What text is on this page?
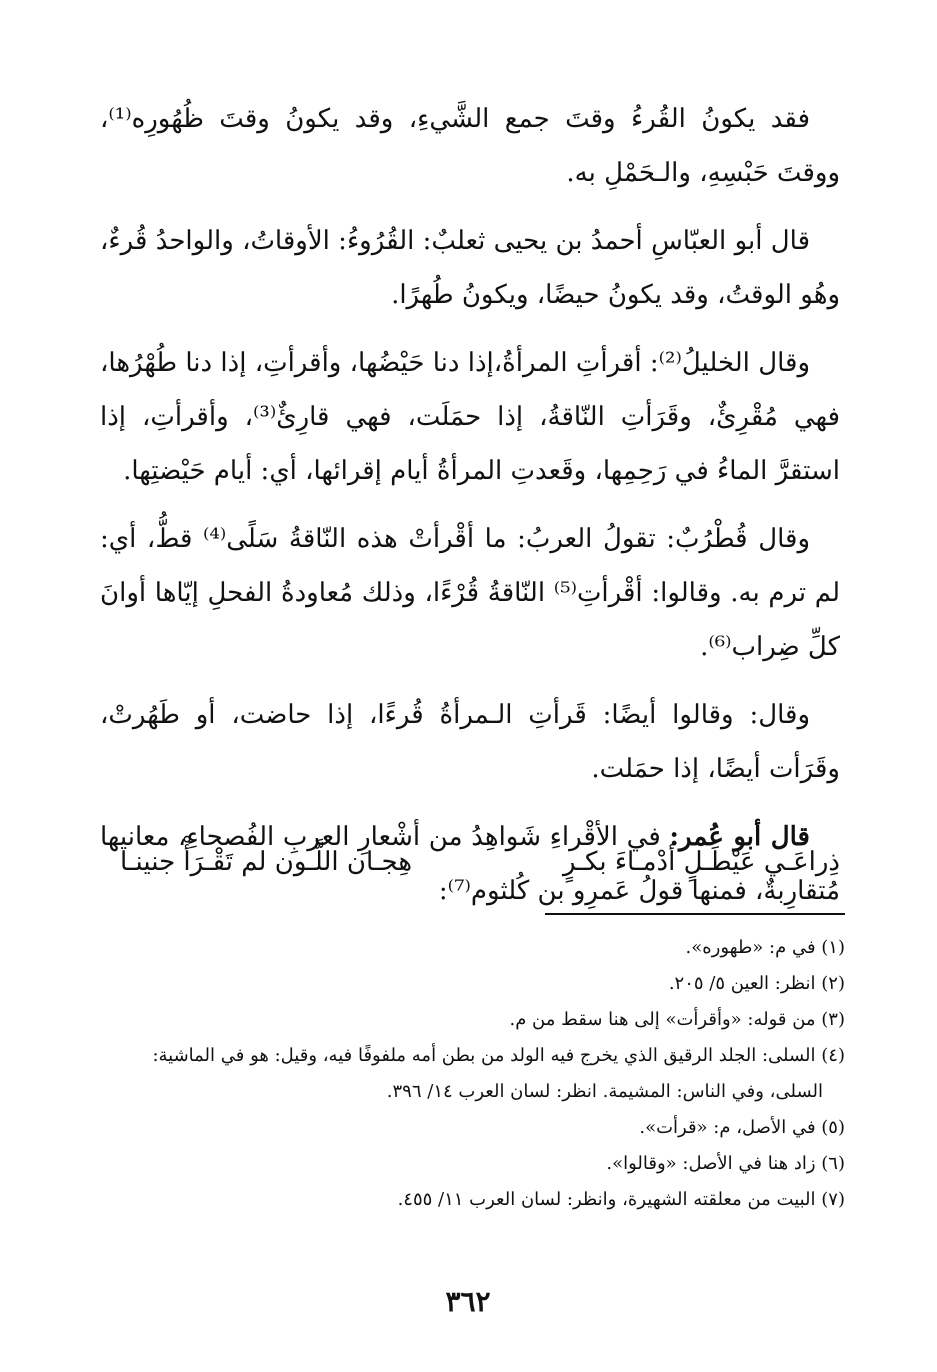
فقد يكونُ القُرءُ وقتَ جمع الشَّيءِ، وقد يكونُ وقتَ ظُهُورِه⁽¹⁾، ووقتَ حَبْسِهِ، والـحَمْلِ به.

قال أبو العبّاسِ أحمدُ بن يحيى ثعلبٌ: القُرُوءُ: الأوقاتُ، والواحدُ قُرءٌ، وهُو الوقتُ، وقد يكونُ حيضًا، ويكونُ طُهرًا.

وقال الخليلُ⁽²⁾: أقرأتِ المرأةُ،إذا دنا حَيْضُها، وأقرأتِ، إذا دنا طُهْرُها، فهي مُقْرِئٌ، وقَرَأتِ النّاقةُ، إذا حمَلَت، فهي قارِئٌ⁽³⁾، وأقرأتِ، إذا استقرَّ الماءُ في رَحِمِها، وقَعدتِ المرأةُ أيام إقرائها، أي: أيام حَيْضتِها.

وقال قُطْرُبٌ: تقولُ العربُ: ما أقْرأتْ هذه النّاقةُ سَلًى⁽⁴⁾ قطُّ، أي: لم ترم به. وقالوا: أقْرأتِ⁽⁵⁾ النّاقةُ قُرْءًا، وذلك مُعاودةُ الفحلِ إيّاها أوانَ كلِّ ضِراب⁽⁶⁾.

وقال: وقالوا أيضًا: قَرأتِ الـمرأةُ قُرءًا، إذا حاضت، أو طَهُرتْ، وقَرَأت أيضًا، إذا حمَلت.

قال أبو عُمر: في الأقْراءِ شَواهِدُ من أشْعارِ العربِ الفُصحاءِ، معانيها مُتقارِبةٌ، فمنها قولُ عَمرِو بن كُلثوم⁽⁷⁾:

ذِراعَـي عَيْطَـلٍ أدْمـاءَ بكـرٍ
هِجـان اللَّـون لم تَقْـرَأْ جنينـا

(١) في م: «طهوره».

(٢) انظر: العين ٥/ ٢٠٥.

(٣) من قوله: «وأقرأت» إلى هنا سقط من م.

(٤) السلى: الجلد الرقيق الذي يخرج فيه الولد من بطن أمه ملفوفًا فيه، وقيل: هو في الماشية:

السلى، وفي الناس: المشيمة. انظر: لسان العرب ١٤/ ٣٩٦.

(٥) في الأصل، م: «قرأت».

(٦) زاد هنا في الأصل: «وقالوا».

(٧) البيت من معلقته الشهيرة، وانظر: لسان العرب ١١/ ٤٥٥.

٣٦٢
